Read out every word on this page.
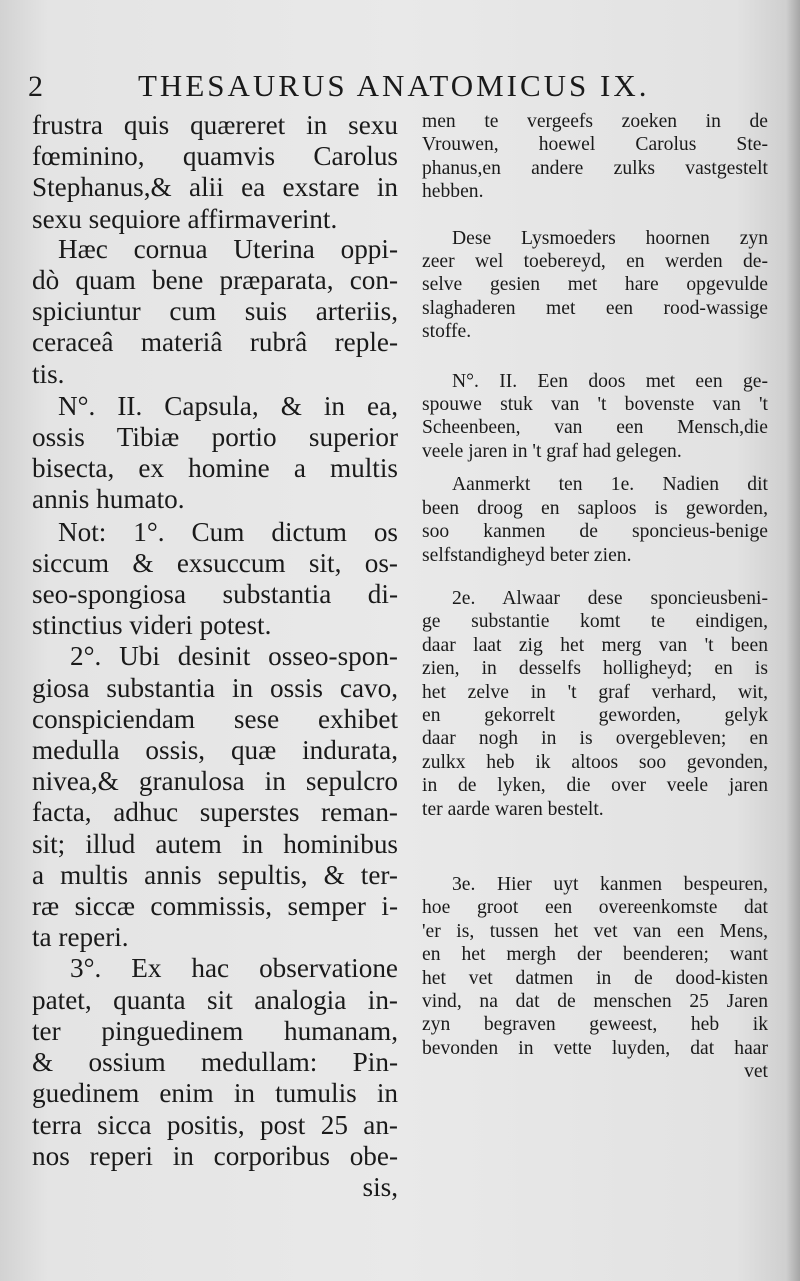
2	THESAURUS ANATOMICUS IX.
frustra quis quæreret in sexu
fœminino, quamvis Carolus
Stephanus,& alii ea exstare in
sexu sequiore affirmaverint.
Hæc cornua Uterina oppi-
dò quam bene præparata, con-
spiciuntur cum suis arteriis,
ceraceâ materiâ rubrâ reple-
tis.
N°. II. Capsula, & in ea,
ossis Tibiæ portio superior
bisecta, ex homine a multis
annis humato.
Not: 1°. Cum dictum os
siccum & exsuccum sit, os-
seo-spongiosa substantia di-
stinctius videri potest.
2°. Ubi desinit osseo-spon-
giosa substantia in ossis cavo,
conspiciendam sese exhibet
medulla ossis, quæ indurata,
nivea,& granulosa in sepulcro
facta, adhuc superstes reman-
sit; illud autem in hominibus
a multis annis sepultis, & ter-
ræ siccæ commissis, semper i-
ta reperi.
3°. Ex hac observatione
patet, quanta sit analogia in-
ter pinguedinem humanam,
& ossium medullam: Pin-
guedinem enim in tumulis in
terra sicca positis, post 25 an-
nos reperi in corporibus obe-
sis,
men te vergeefs zoeken in de
Vrouwen, hoewel Carolus Ste-
phanus,en andere zulks vastgestelt
hebben.
Dese Lysmoeders hoornen zyn
zeer wel toebereyd, en werden de-
selve gesien met hare opgevulde
slaghaderen met een rood-wassige
stoffe.
N°. II. Een doos met een ge-
spouwe stuk van 't bovenste van 't
Scheenbeen, van een Mensch,die
veele jaren in 't graf had gelegen.
Aanmerkt ten 1e. Nadien dit
been droog en saploos is geworden,
soo kanmen de sponcieus-benige
selfstandigheyd beter zien.
2e. Alwaar dese sponcieusbeni-
ge substantie komt te eindigen,
daar laat zig het merg van 't been
zien, in desselfs holligheyd; en is
het zelve in 't graf verhard, wit,
en gekorrelt geworden, gelyk
daar nogh in is overgebleven; en
zulkx heb ik altoos soo gevonden,
in de lyken, die over veele jaren
ter aarde waren bestelt.
3e. Hier uyt kanmen bespeuren,
hoe groot een overeenkomste dat
'er is, tussen het vet van een Mens,
en het mergh der beenderen; want
het vet datmen in de dood-kisten
vind, na dat de menschen 25 Jaren
zyn begraven geweest, heb ik
bevonden in vette luyden, dat haar
vet
